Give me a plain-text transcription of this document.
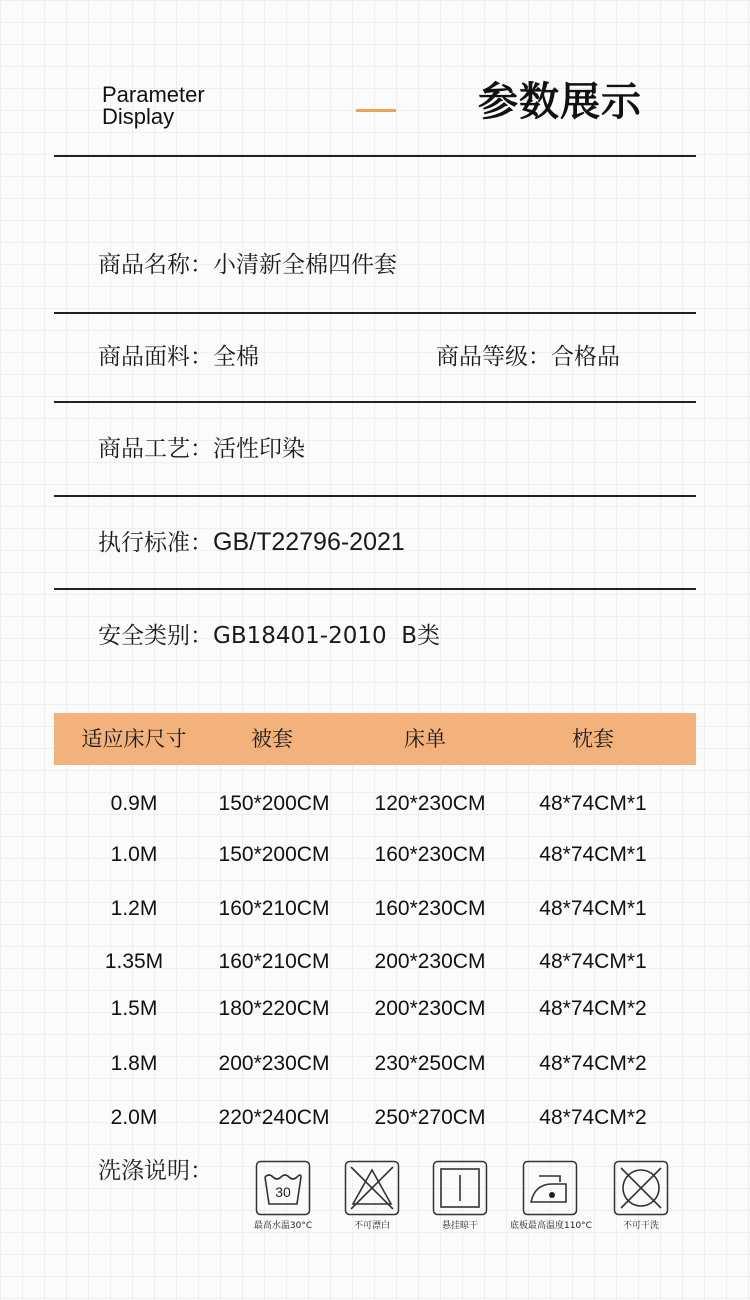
Parameter
Display	参数展示
商品名称：小清新全棉四件套
商品面料：全棉	商品等级：合格品
商品工艺：活性印染
执行标准：GB/T22796-2021
安全类别：GB18401-2010  B类
适应床尺寸	被套	床单	枕套
0.9M	150*200CM	120*230CM	48*74CM*1
1.0M	150*200CM	160*230CM	48*74CM*1
1.2M	160*210CM	160*230CM	48*74CM*1
1.35M	160*210CM	200*230CM	48*74CM*1
1.5M	180*220CM	200*230CM	48*74CM*2
1.8M	200*230CM	230*250CM	48*74CM*2
2.0M	220*240CM	250*270CM	48*74CM*2
洗涤说明：
30
最高水温30°C	不可漂白	悬挂晾干	底板最高温度110°C	不可干洗
